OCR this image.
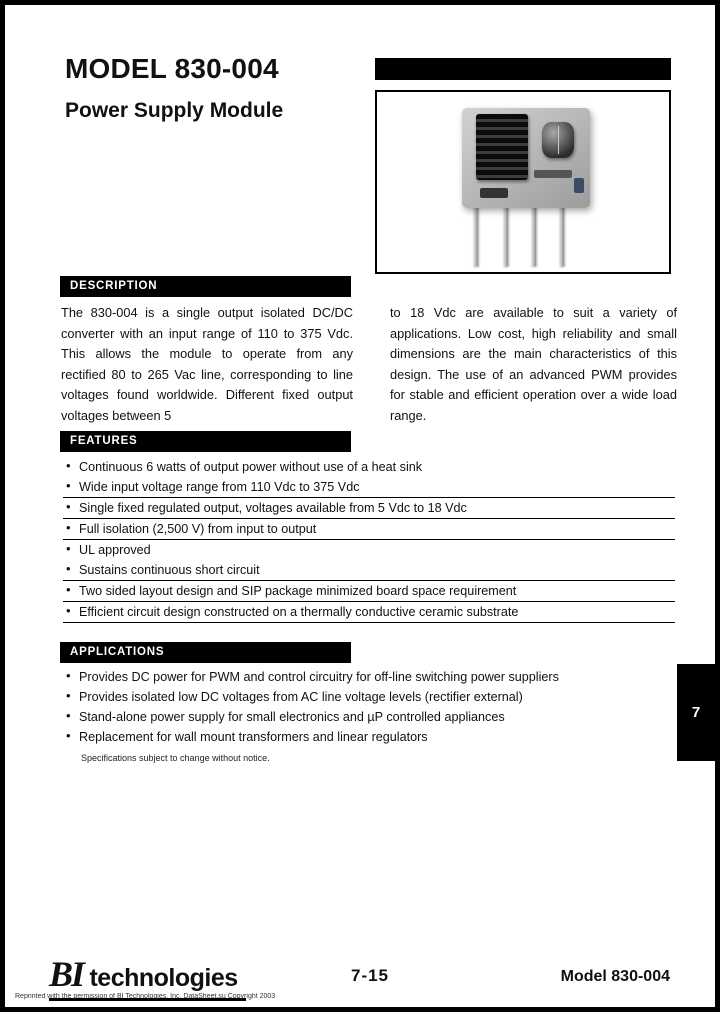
MODEL 830-004
Power Supply Module
DESCRIPTION
The 830-004 is a single output isolated DC/DC converter with an input range of 110 to 375 Vdc. This allows the module to operate from any rectified 80 to 265 Vac line, corresponding to line voltages found worldwide. Different fixed output voltages between 5
to 18 Vdc are available to suit a variety of applications. Low cost, high reliability and small dimensions are the main characteristics of this design. The use of an advanced PWM provides for stable and efficient operation over a wide load range.
FEATURES
• Continuous 6 watts of output power without use of a heat sink
• Wide input voltage range from 110 Vdc to 375 Vdc
• Single fixed regulated output, voltages available from 5 Vdc to 18 Vdc
• Full isolation (2,500 V) from input to output
• UL approved
• Sustains continuous short circuit
• Two sided layout design and SIP package minimized board space requirement
• Efficient circuit design constructed on a thermally conductive ceramic substrate
APPLICATIONS
• Provides DC power for PWM and control circuitry for off-line switching power suppliers
• Provides isolated low DC voltages from AC line voltage levels (rectifier external)
• Stand-alone power supply for small electronics and µP controlled appliances
• Replacement for wall mount transformers and linear regulators
Specifications subject to change without notice.
7
BI technologies
Reprinted with the permission of BI Technologies, Inc. DataSheet.su Copyright 2003
7-15	Model 830-004
